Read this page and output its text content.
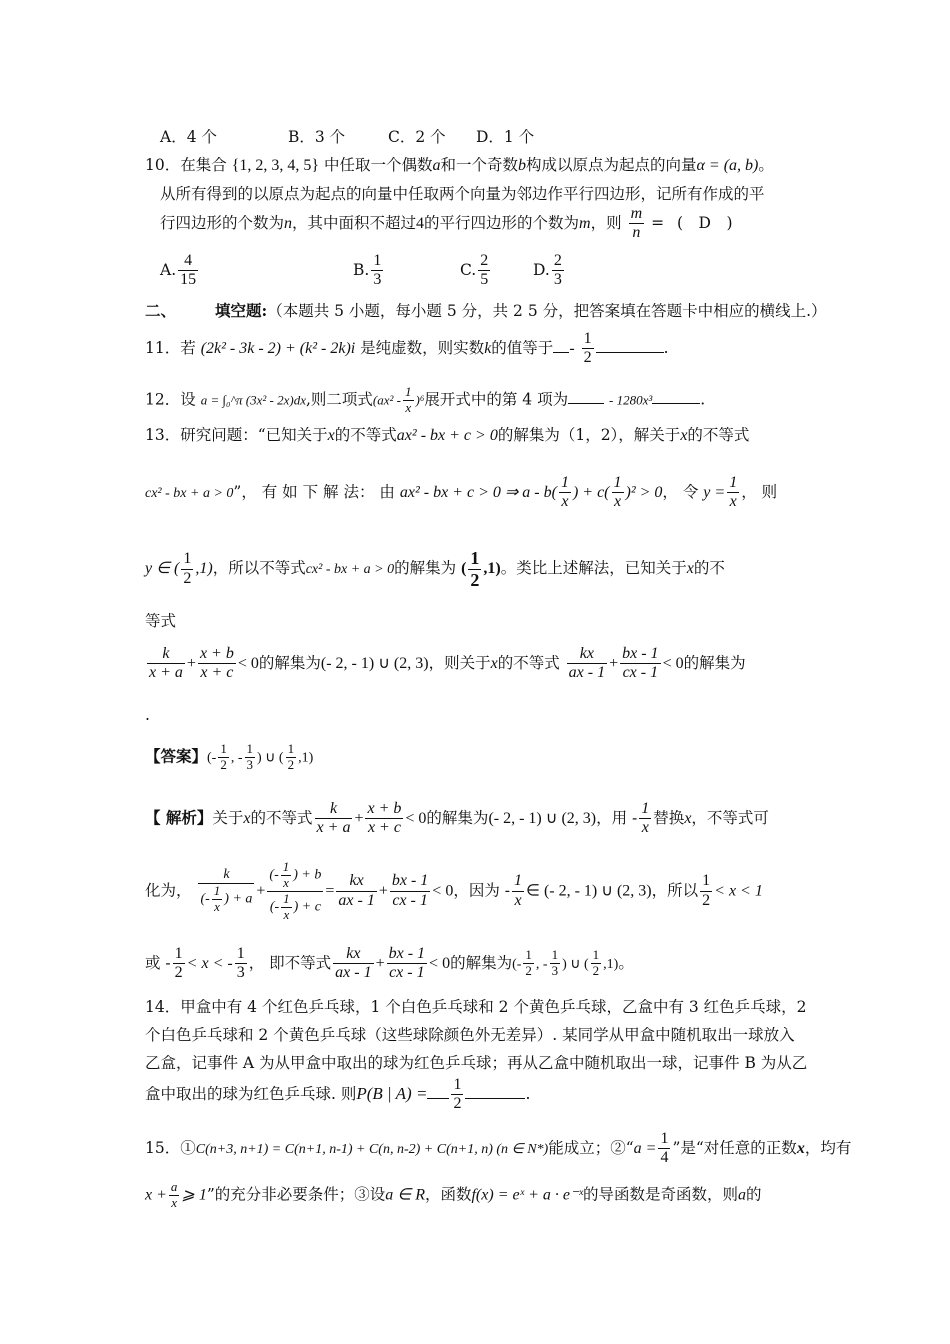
A．4 个	B．3 个	C．2 个 D．1 个
10．在集合 {1, 2, 3, 4, 5} 中任取一个偶数a和一个奇数b构成以原点为起点的向量α = (a, b)。
从所有得到的以原点为起点的向量中任取两个向量为邻边作平行四边形，记所有作成的平
行四边形的个数为n，其中面积不超过4的平行四边形的个数为m，则 $\frac{m}{n}$ = (　D　)
A. $\frac{4}{15}$	B. $\frac{1}{3}$	C. $\frac{2}{5}$	D. $\frac{2}{3}$
二、	填空题:（本题共 5 小题，每小题 5 分，共 2 5 分，把答案填在答题卡中相应的横线上.）
11．若 (2k² - 3k - 2) + (k² - 2k)i 是纯虚数，则实数k的值等于 - $\frac{1}{2}$	.
12．设 a = ∫₀^π (3x² - 2x)dx,则二项式$(ax^2 - \frac{1}{x} )^6$展开式中的第 4 项为	- 1280x³	.
13．研究问题：“已知关于x的不等式ax² - bx + c > 0的解集为（1，2），解关于x的不等式
cx² - bx + a > 0”， 有 如 下 解 法： 由 ax² - bx + c > 0 ⇒ a - $b( \frac{1}{x}$ ) + $c( \frac{1}{x} )^2 > 0$， 令 $y = \frac{1}{x}$ ， 则
y ∈ ( $\frac{1}{2} ,1$)，所以不等式cx² - bx + a > 0的解集为 ( $\frac{1}{2} ,1$)。类比上述解法，已知关于x的不
等式
$\frac{k}{x + a} + \frac{x + b}{x + c} < 0$的解集为(- 2, - 1) ∪ (2, 3)，则关于x的不等式 $\frac{kx}{ax - 1} + \frac{bx - 1}{cx - 1} < 0$的解集为
.
【答案】(- $\frac{1}{2}$ , - $\frac{1}{3}$ ) ∪ ( $\frac{1}{2} ,1$)
【 解析】关于x的不等式 $\frac{k}{x + a} + \frac{x + b}{x + c} < 0$的解集为(- 2, - 1) ∪ (2, 3)，用 - $\frac{1}{x}$ 替换x，不等式可
化为， $\frac{k}{(- \frac{1}{x} ) + a} + \frac{(- \frac{1}{x} ) + b}{(- \frac{1}{x} ) + c} = \frac{kx}{ax - 1} + \frac{bx - 1}{cx - 1} < 0$，因为 - $\frac{1}{x}$ ∈ (- 2, - 1) ∪ (2, 3)，所以 $\frac{1}{2} < x < 1$
或 - $\frac{1}{2} < x$ < - $\frac{1}{3}$ ， 即不等式 $\frac{kx}{ax - 1} + \frac{bx - 1}{cx - 1} < 0$的解集为(- $\frac{1}{2}$ , - $\frac{1}{3}$ ) ∪ ( $\frac{1}{2} ,1$)。
14．甲盒中有 4 个红色乒乓球，1 个白色乒乓球和 2 个黄色乒乓球，乙盒中有 3 红色乒乓球，2
个白色乒乓球和 2 个黄色乒乓球（这些球除颜色外无差异）. 某同学从甲盒中随机取出一球放入
乙盒，记事件 A 为从甲盒中取出的球为红色乒乓球；再从乙盒中随机取出一球，记事件 B 为从乙
盒中取出的球为红色乒乓球. 则P(B | $A) = \frac{1}{2}$	.
15．①C(n+3, n+1) = C(n+1, n-1) + C(n, n-2) + C(n+1, n) (n ∈ N*)能成立；②“a = $\frac{1}{4}$ ”是“对任意的正数x，均有
$x + \frac{a}{x}$ ⩾ 1”的充分非必要条件；③设a ∈ R，函数f(x) = eˣ + a · e⁻ˣ的导函数是奇函数，则a的
